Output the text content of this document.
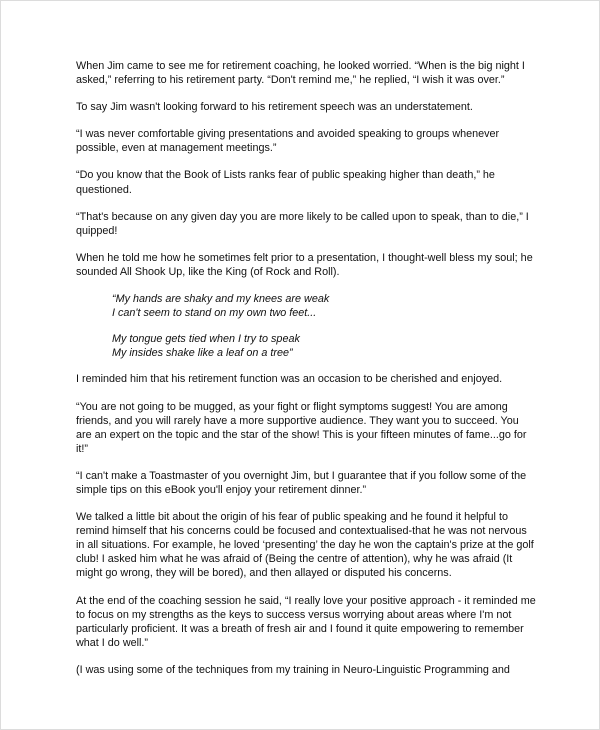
When Jim came to see me for retirement coaching, he looked worried. “When is the big night I asked,” referring to his retirement party. “Don't remind me,” he replied, “I wish it was over.”

To say Jim wasn't looking forward to his retirement speech was an understatement.

“I was never comfortable giving presentations and avoided speaking to groups whenever possible, even at management meetings.”

“Do you know that the Book of Lists ranks fear of public speaking higher than death,” he questioned.

“That's because on any given day you are more likely to be called upon to speak, than to die,” I quipped!

When he told me how he sometimes felt prior to a presentation, I thought-well bless my soul; he sounded All Shook Up, like the King (of Rock and Roll).

“My hands are shaky and my knees are weak
I can't seem to stand on my own two feet...
My tongue gets tied when I try to speak
My insides shake like a leaf on a tree”

I reminded him that his retirement function was an occasion to be cherished and enjoyed.

“You are not going to be mugged, as your fight or flight symptoms suggest! You are among friends, and you will rarely have a more supportive audience. They want you to succeed. You are an expert on the topic and the star of the show! This is your fifteen minutes of fame...go for it!”

“I can't make a Toastmaster of you overnight Jim, but I guarantee that if you follow some of the simple tips on this eBook you'll enjoy your retirement dinner.”

We talked a little bit about the origin of his fear of public speaking and he found it helpful to remind himself that his concerns could be focused and contextualised-that he was not nervous in all situations. For example, he loved ‘presenting’ the day he won the captain's prize at the golf club! I asked him what he was afraid of (Being the centre of attention), why he was afraid (It might go wrong, they will be bored), and then allayed or disputed his concerns.

At the end of the coaching session he said, “I really love your positive approach - it reminded me to focus on my strengths as the keys to success versus worrying about areas where I'm not particularly proficient. It was a breath of fresh air and I found it quite empowering to remember what I do well.”

(I was using some of the techniques from my training in Neuro-Linguistic Programming and
